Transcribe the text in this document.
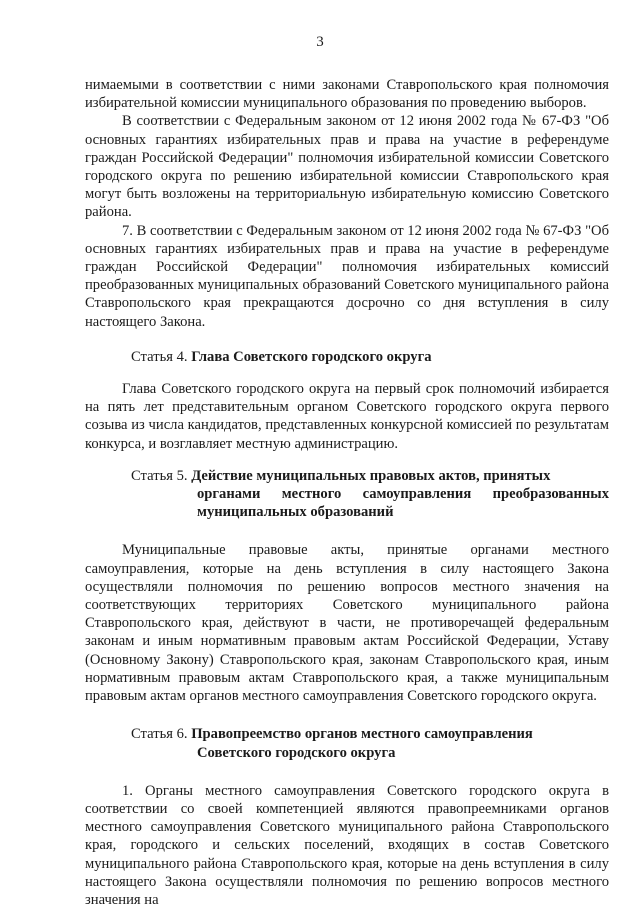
3

нимаемыми в соответствии с ними законами Ставропольского края полномочия избирательной комиссии муниципального образования по проведению выборов.

В соответствии с Федеральным законом от 12 июня 2002 года № 67-ФЗ "Об основных гарантиях избирательных прав и права на участие в референдуме граждан Российской Федерации" полномочия избирательной комиссии Советского городского округа по решению избирательной комиссии Ставропольского края могут быть возложены на территориальную избирательную комиссию Советского района.

7. В соответствии с Федеральным законом от 12 июня 2002 года № 67-ФЗ "Об основных гарантиях избирательных прав и права на участие в референдуме граждан Российской Федерации" полномочия избирательных комиссий преобразованных муниципальных образований Советского муниципального района Ставропольского края прекращаются досрочно со дня вступления в силу настоящего Закона.

Статья 4. Глава Советского городского округа

Глава Советского городского округа на первый срок полномочий избирается на пять лет представительным органом Советского городского округа первого созыва из числа кандидатов, представленных конкурсной комиссией по результатам конкурса, и возглавляет местную администрацию.

Статья 5. Действие муниципальных правовых актов, принятых
органами местного самоуправления преобразованных муниципальных образований

Муниципальные правовые акты, принятые органами местного самоуправления, которые на день вступления в силу настоящего Закона осуществляли полномочия по решению вопросов местного значения на соответствующих территориях Советского муниципального района Ставропольского края, действуют в части, не противоречащей федеральным законам и иным нормативным правовым актам Российской Федерации, Уставу (Основному Закону) Ставропольского края, законам Ставропольского края, иным нормативным правовым актам Ставропольского края, а также муниципальным правовым актам органов местного самоуправления Советского городского округа.

Статья 6. Правопреемство органов местного самоуправления
Советского городского округа

1. Органы местного самоуправления Советского городского округа в соответствии со своей компетенцией являются правопреемниками органов местного самоуправления Советского муниципального района Ставропольского края, городского и сельских поселений, входящих в состав Советского муниципального района Ставропольского края, которые на день вступления в силу настоящего Закона осуществляли полномочия по решению вопросов местного значения на
